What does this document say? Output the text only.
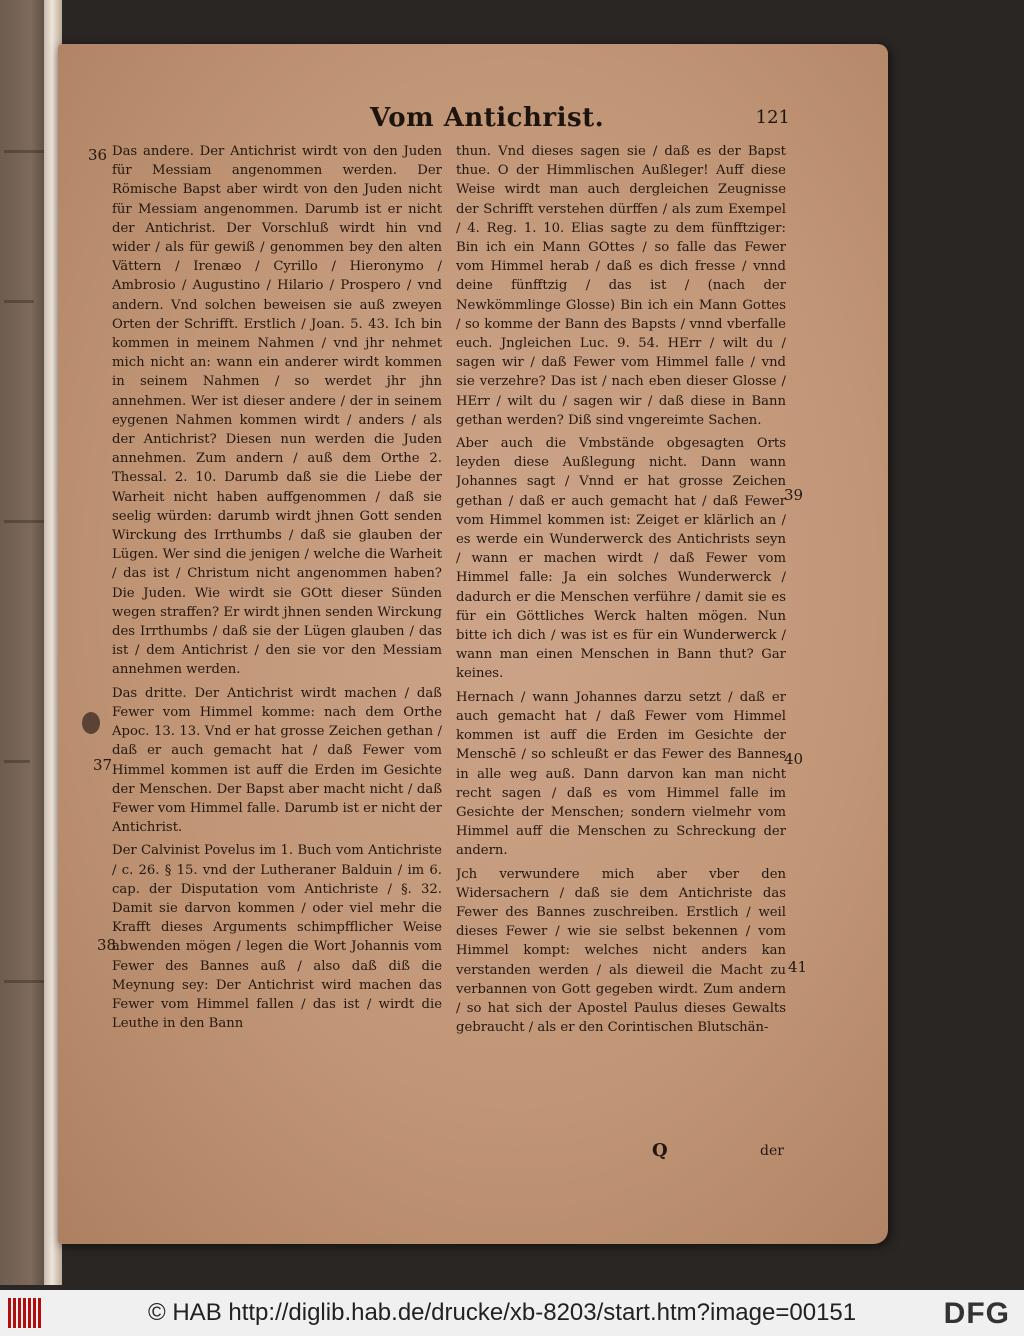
Vom Antichrist.	121
36
37
38
39
40
41

Das andere. Der Antichrist wirdt von den Juden für Messiam angenommen werden. Der Römische Bapst aber wirdt von den Juden nicht für Messiam angenommen. Darumb ist er nicht der Antichrist. Der Vorschluß wirdt hin vnd wider / als für gewiß / genommen bey den alten Vättern / Irenæo / Cyrillo / Hieronymo / Ambrosio / Augustino / Hilario / Prospero / vnd andern. Vnd solchen beweisen sie auß zweyen Orten der Schrifft. Erstlich / Joan. 5. 43. Ich bin kommen in meinem Nahmen / vnd jhr nehmet mich nicht an: wann ein anderer wirdt kommen in seinem Nahmen / so werdet jhr jhn annehmen. Wer ist dieser andere / der in seinem eygenen Nahmen kommen wirdt / anders / als der Antichrist? Diesen nun werden die Juden annehmen. Zum andern / auß dem Orthe 2. Thessal. 2. 10. Darumb daß sie die Liebe der Warheit nicht haben auffgenommen / daß sie seelig würden: darumb wirdt jhnen Gott senden Wirckung des Irrthumbs / daß sie glauben der Lügen. Wer sind die jenigen / welche die Warheit / das ist / Christum nicht angenommen haben? Die Juden. Wie wirdt sie GOtt dieser Sünden wegen straffen? Er wirdt jhnen senden Wirckung des Irrthumbs / daß sie der Lügen glauben / das ist / dem Antichrist / den sie vor den Messiam annehmen werden.

Das dritte. Der Antichrist wirdt machen / daß Fewer vom Himmel komme: nach dem Orthe Apoc. 13. 13. Vnd er hat grosse Zeichen gethan / daß er auch gemacht hat / daß Fewer vom Himmel kommen ist auff die Erden im Gesichte der Menschen. Der Bapst aber macht nicht / daß Fewer vom Himmel falle. Darumb ist er nicht der Antichrist.

Der Calvinist Povelus im 1. Buch vom Antichriste / c. 26. § 15. vnd der Lutheraner Balduin / im 6. cap. der Disputation vom Antichriste / §. 32. Damit sie darvon kommen / oder viel mehr die Krafft dieses Arguments schimpfflicher Weise abwenden mögen / legen die Wort Johannis vom Fewer des Bannes auß / also daß diß die Meynung sey: Der Antichrist wird machen das Fewer vom Himmel fallen / das ist / wirdt die Leuthe in den Bann

thun. Vnd dieses sagen sie / daß es der Bapst thue. O der Himmlischen Außleger! Auff diese Weise wirdt man auch dergleichen Zeugnisse der Schrifft verstehen dürffen / als zum Exempel / 4. Reg. 1. 10. Elias sagte zu dem fünfftziger: Bin ich ein Mann GOttes / so falle das Fewer vom Himmel herab / daß es dich fresse / vnnd deine fünfftzig / das ist / (nach der Newkömmlinge Glosse) Bin ich ein Mann Gottes / so komme der Bann des Bapsts / vnnd vberfalle euch. Jngleichen Luc. 9. 54. HErr / wilt du / sagen wir / daß Fewer vom Himmel falle / vnd sie verzehre? Das ist / nach eben dieser Glosse / HErr / wilt du / sagen wir / daß diese in Bann gethan werden? Diß sind vngereimte Sachen.

Aber auch die Vmbstände obgesagten Orts leyden diese Außlegung nicht. Dann wann Johannes sagt / Vnnd er hat grosse Zeichen gethan / daß er auch gemacht hat / daß Fewer vom Himmel kommen ist: Zeiget er klärlich an / es werde ein Wunderwerck des Antichrists seyn / wann er machen wirdt / daß Fewer vom Himmel falle: Ja ein solches Wunderwerck / dadurch er die Menschen verführe / damit sie es für ein Göttliches Werck halten mögen. Nun bitte ich dich / was ist es für ein Wunderwerck / wann man einen Menschen in Bann thut? Gar keines.

Hernach / wann Johannes darzu setzt / daß er auch gemacht hat / daß Fewer vom Himmel kommen ist auff die Erden im Gesichte der Menschē / so schleußt er das Fewer des Bannes in alle weg auß. Dann darvon kan man nicht recht sagen / daß es vom Himmel falle im Gesichte der Menschen; sondern vielmehr vom Himmel auff die Menschen zu Schreckung der andern.

Jch verwundere mich aber vber den Widersachern / daß sie dem Antichriste das Fewer des Bannes zuschreiben. Erstlich / weil dieses Fewer / wie sie selbst bekennen / vom Himmel kompt: welches nicht anders kan verstanden werden / als dieweil die Macht zu verbannen von Gott gegeben wirdt. Zum andern / so hat sich der Apostel Paulus dieses Gewalts gebraucht / als er den Corintischen Blutschän-

Q	der
© HAB http://diglib.hab.de/drucke/xb-8203/start.htm?image=00151	DFG
